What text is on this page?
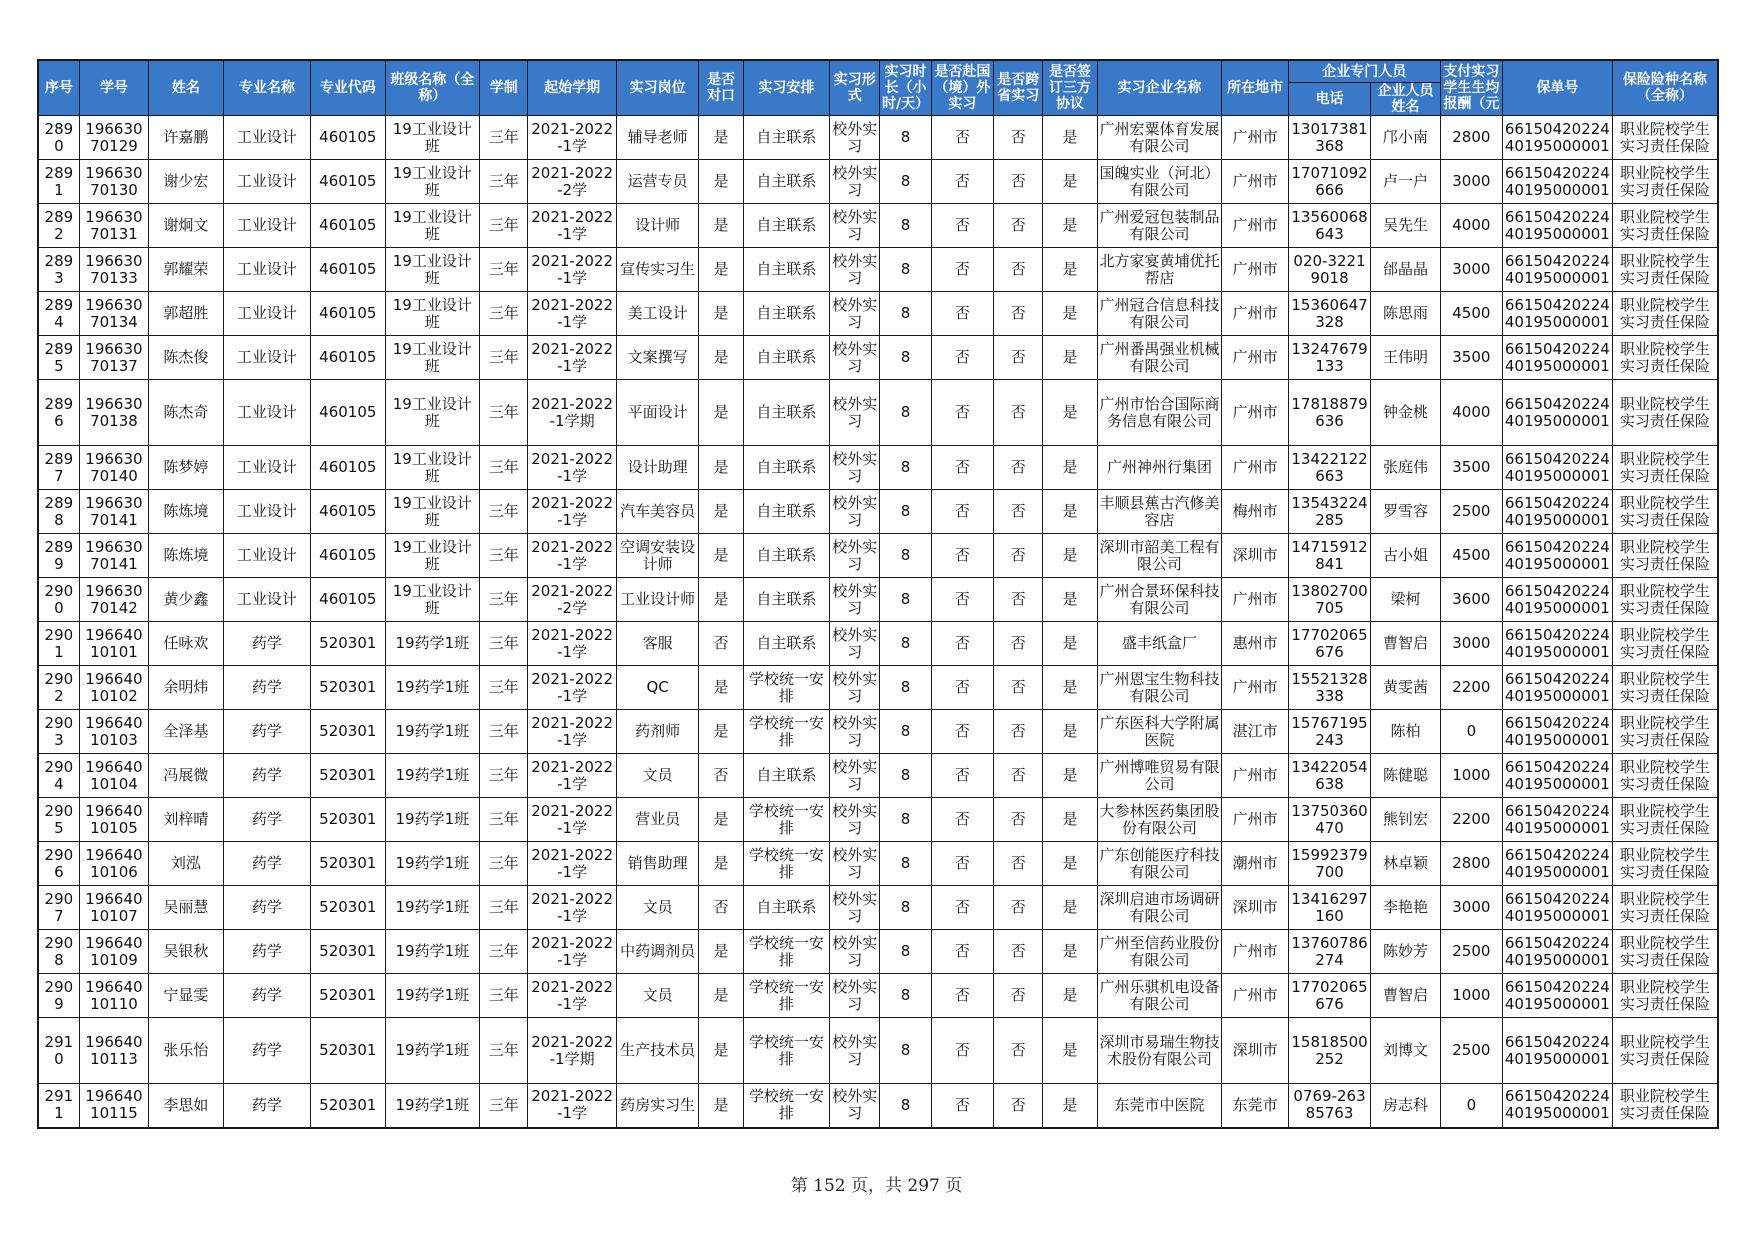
序号	学号	姓名	专业名称	专业代码	班级名称（全称）	学制	起始学期	实习岗位	是否对口	实习安排	实习形式	实习时长（小时/天）	是否赴国（境）外实习	是否跨省实习	是否签订三方协议	实习企业名称	所在地市	企业专门人员		支付实习学生生均报酬（元	保单号	保险险种名称（全称）
																		电话	企业人员姓名			
2890	19663070129	许嘉鹏	工业设计	460105	19工业设计班	三年	2021-2022-1学	辅导老师	是	自主联系	校外实习	8	否	否	是	广州宏粟体育发展有限公司	广州市	13017381368	邝小南	2800	6615042022440195000001	职业院校学生实习责任保险
2891	19663070130	谢少宏	工业设计	460105	19工业设计班	三年	2021-2022-2学	运营专员	是	自主联系	校外实习	8	否	否	是	国魄实业（河北）有限公司	广州市	17071092666	卢一户	3000	6615042022440195000001	职业院校学生实习责任保险
2892	19663070131	谢炯文	工业设计	460105	19工业设计班	三年	2021-2022-1学	设计师	是	自主联系	校外实习	8	否	否	是	广州爱冠包装制品有限公司	广州市	13560068643	吴先生	4000	6615042022440195000001	职业院校学生实习责任保险
2893	19663070133	郭耀荣	工业设计	460105	19工业设计班	三年	2021-2022-1学	宣传实习生	是	自主联系	校外实习	8	否	否	是	北方家宴黄埔优托帮店	广州市	020-32219018	邰晶晶	3000	6615042022440195000001	职业院校学生实习责任保险
2894	19663070134	郭超胜	工业设计	460105	19工业设计班	三年	2021-2022-1学	美工设计	是	自主联系	校外实习	8	否	否	是	广州冠合信息科技有限公司	广州市	15360647328	陈思雨	4500	6615042022440195000001	职业院校学生实习责任保险
2895	19663070137	陈杰俊	工业设计	460105	19工业设计班	三年	2021-2022-1学	文案撰写	是	自主联系	校外实习	8	否	否	是	广州番禺强业机械有限公司	广州市	13247679133	王伟明	3500	6615042022440195000001	职业院校学生实习责任保险
2896	19663070138	陈杰奇	工业设计	460105	19工业设计班	三年	2021-2022-1学期	平面设计	是	自主联系	校外实习	8	否	否	是	广州市怡合国际商务信息有限公司	广州市	17818879636	钟金桃	4000	6615042022440195000001	职业院校学生实习责任保险
2897	19663070140	陈梦婷	工业设计	460105	19工业设计班	三年	2021-2022-1学	设计助理	是	自主联系	校外实习	8	否	否	是	广州神州行集团	广州市	13422122663	张庭伟	3500	6615042022440195000001	职业院校学生实习责任保险
2898	19663070141	陈炼境	工业设计	460105	19工业设计班	三年	2021-2022-1学	汽车美容员	是	自主联系	校外实习	8	否	否	是	丰顺县蕉古汽修美容店	梅州市	13543224285	罗雪容	2500	6615042022440195000001	职业院校学生实习责任保险
2899	19663070141	陈炼境	工业设计	460105	19工业设计班	三年	2021-2022-1学	空调安装设计师	是	自主联系	校外实习	8	否	否	是	深圳市韶美工程有限公司	深圳市	14715912841	古小姐	4500	6615042022440195000001	职业院校学生实习责任保险
2900	19663070142	黄少鑫	工业设计	460105	19工业设计班	三年	2021-2022-2学	工业设计师	是	自主联系	校外实习	8	否	否	是	广州合景环保科技有限公司	广州市	13802700705	梁柯	3600	6615042022440195000001	职业院校学生实习责任保险
2901	19664010101	任咏欢	药学	520301	19药学1班	三年	2021-2022-1学	客服	否	自主联系	校外实习	8	否	否	是	盛丰纸盒厂	惠州市	17702065676	曹智启	3000	6615042022440195000001	职业院校学生实习责任保险
2902	19664010102	余明炜	药学	520301	19药学1班	三年	2021-2022-1学	QC	是	学校统一安排	校外实习	8	否	否	是	广州恩宝生物科技有限公司	广州市	15521328338	黄雯茜	2200	6615042022440195000001	职业院校学生实习责任保险
2903	19664010103	全泽基	药学	520301	19药学1班	三年	2021-2022-1学	药剂师	是	学校统一安排	校外实习	8	否	否	是	广东医科大学附属医院	湛江市	15767195243	陈柏	0	6615042022440195000001	职业院校学生实习责任保险
2904	19664010104	冯展微	药学	520301	19药学1班	三年	2021-2022-1学	文员	否	自主联系	校外实习	8	否	否	是	广州博唯贸易有限公司	广州市	13422054638	陈健聪	1000	6615042022440195000001	职业院校学生实习责任保险
2905	19664010105	刘梓晴	药学	520301	19药学1班	三年	2021-2022-1学	营业员	是	学校统一安排	校外实习	8	否	否	是	大参林医药集团股份有限公司	广州市	13750360470	熊钊宏	2200	6615042022440195000001	职业院校学生实习责任保险
2906	19664010106	刘泓	药学	520301	19药学1班	三年	2021-2022-1学	销售助理	是	学校统一安排	校外实习	8	否	否	是	广东创能医疗科技有限公司	潮州市	15992379700	林卓颖	2800	6615042022440195000001	职业院校学生实习责任保险
2907	19664010107	吴丽慧	药学	520301	19药学1班	三年	2021-2022-1学	文员	否	自主联系	校外实习	8	否	否	是	深圳启迪市场调研有限公司	深圳市	13416297160	李艳艳	3000	6615042022440195000001	职业院校学生实习责任保险
2908	19664010109	吴银秋	药学	520301	19药学1班	三年	2021-2022-1学	中药调剂员	是	学校统一安排	校外实习	8	否	否	是	广州至信药业股份有限公司	广州市	13760786274	陈妙芳	2500	6615042022440195000001	职业院校学生实习责任保险
2909	19664010110	宁显雯	药学	520301	19药学1班	三年	2021-2022-1学	文员	是	学校统一安排	校外实习	8	否	否	是	广州乐骐机电设备有限公司	广州市	17702065676	曹智启	1000	6615042022440195000001	职业院校学生实习责任保险
2910	19664010113	张乐怡	药学	520301	19药学1班	三年	2021-2022-1学期	生产技术员	是	学校统一安排	校外实习	8	否	否	是	深圳市易瑞生物技术股份有限公司	深圳市	15818500252	刘博文	2500	6615042022440195000001	职业院校学生实习责任保险
2911	19664010115	李思如	药学	520301	19药学1班	三年	2021-2022-1学	药房实习生	是	学校统一安排	校外实习	8	否	否	是	东莞市中医院	东莞市	0769-26385763	房志科	0	6615042022440195000001	职业院校学生实习责任保险
第 152 页，共 297 页
